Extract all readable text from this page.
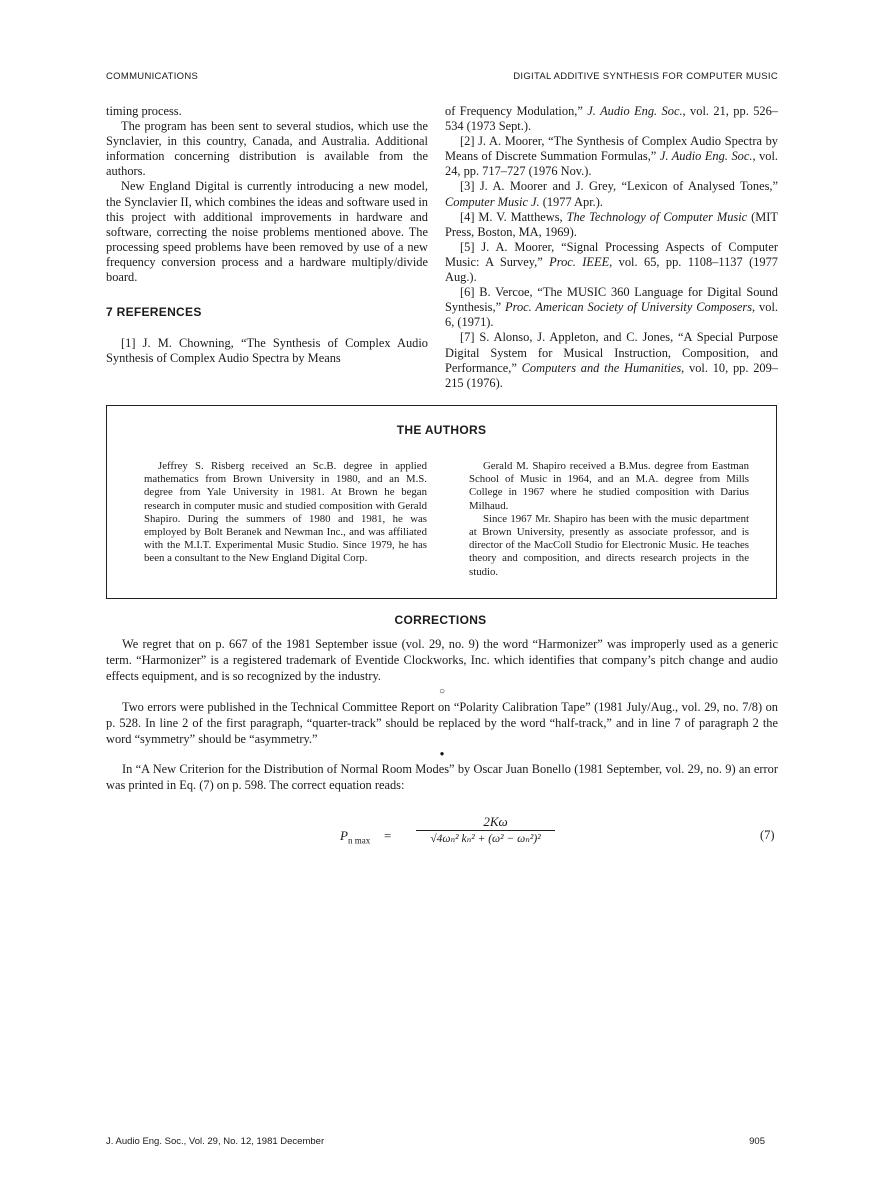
COMMUNICATIONS	DIGITAL ADDITIVE SYNTHESIS FOR COMPUTER MUSIC

timing process.

The program has been sent to several studios, which use the Synclavier, in this country, Canada, and Australia. Additional information concerning distribution is available from the authors.

New England Digital is currently introducing a new model, the Synclavier II, which combines the ideas and software used in this project with additional improvements in hardware and software, correcting the noise problems mentioned above. The processing speed problems have been removed by use of a new frequency conversion process and a hardware multiply/divide board.

7 REFERENCES

[1] J. M. Chowning, “The Synthesis of Complex Audio Synthesis of Complex Audio Spectra by Means

of Frequency Modulation,” J. Audio Eng. Soc., vol. 21, pp. 526–534 (1973 Sept.).

[2] J. A. Moorer, “The Synthesis of Complex Audio Spectra by Means of Discrete Summation Formulas,” J. Audio Eng. Soc., vol. 24, pp. 717–727 (1976 Nov.).

[3] J. A. Moorer and J. Grey, “Lexicon of Analysed Tones,” Computer Music J. (1977 Apr.).

[4] M. V. Matthews, The Technology of Computer Music (MIT Press, Boston, MA, 1969).

[5] J. A. Moorer, “Signal Processing Aspects of Computer Music: A Survey,” Proc. IEEE, vol. 65, pp. 1108–1137 (1977 Aug.).

[6] B. Vercoe, “The MUSIC 360 Language for Digital Sound Synthesis,” Proc. American Society of University Composers, vol. 6, (1971).

[7] S. Alonso, J. Appleton, and C. Jones, “A Special Purpose Digital System for Musical Instruction, Composition, and Performance,” Computers and the Humanities, vol. 10, pp. 209–215 (1976).

THE AUTHORS

Jeffrey S. Risberg received an Sc.B. degree in applied mathematics from Brown University in 1980, and an M.S. degree from Yale University in 1981. At Brown he began research in computer music and studied composition with Gerald Shapiro. During the summers of 1980 and 1981, he was employed by Bolt Beranek and Newman Inc., and was affiliated with the M.I.T. Experimental Music Studio. Since 1979, he has been a consultant to the New England Digital Corp.

Gerald M. Shapiro received a B.Mus. degree from Eastman School of Music in 1964, and an M.A. degree from Mills College in 1967 where he studied composition with Darius Milhaud.

Since 1967 Mr. Shapiro has been with the music department at Brown University, presently as associate professor, and is director of the MacColl Studio for Electronic Music. He teaches theory and composition, and directs research projects in the studio.

CORRECTIONS

We regret that on p. 667 of the 1981 September issue (vol. 29, no. 9) the word “Harmonizer” was improperly used as a generic term. “Harmonizer” is a registered trademark of Eventide Clockworks, Inc. which identifies that company’s pitch change and audio effects equipment, and is so recognized by the industry.

○

Two errors were published in the Technical Committee Report on “Polarity Calibration Tape” (1981 July/Aug., vol. 29, no. 7/8) on p. 528. In line 2 of the first paragraph, “quarter-track” should be replaced by the word “half-track,” and in line 7 of paragraph 2 the word “symmetry” should be “asymmetry.”

●

In “A New Criterion for the Distribution of Normal Room Modes” by Oscar Juan Bonello (1981 September, vol. 29, no. 9) an error was printed in Eq. (7) on p. 598. The correct equation reads:

$P_{n max} = \frac{2K\omega}{\text{√4ωₙ² kₙ² + (ω² − ωₙ²)²}}$	(7)
J. Audio Eng. Soc., Vol. 29, No. 12, 1981 December	905
